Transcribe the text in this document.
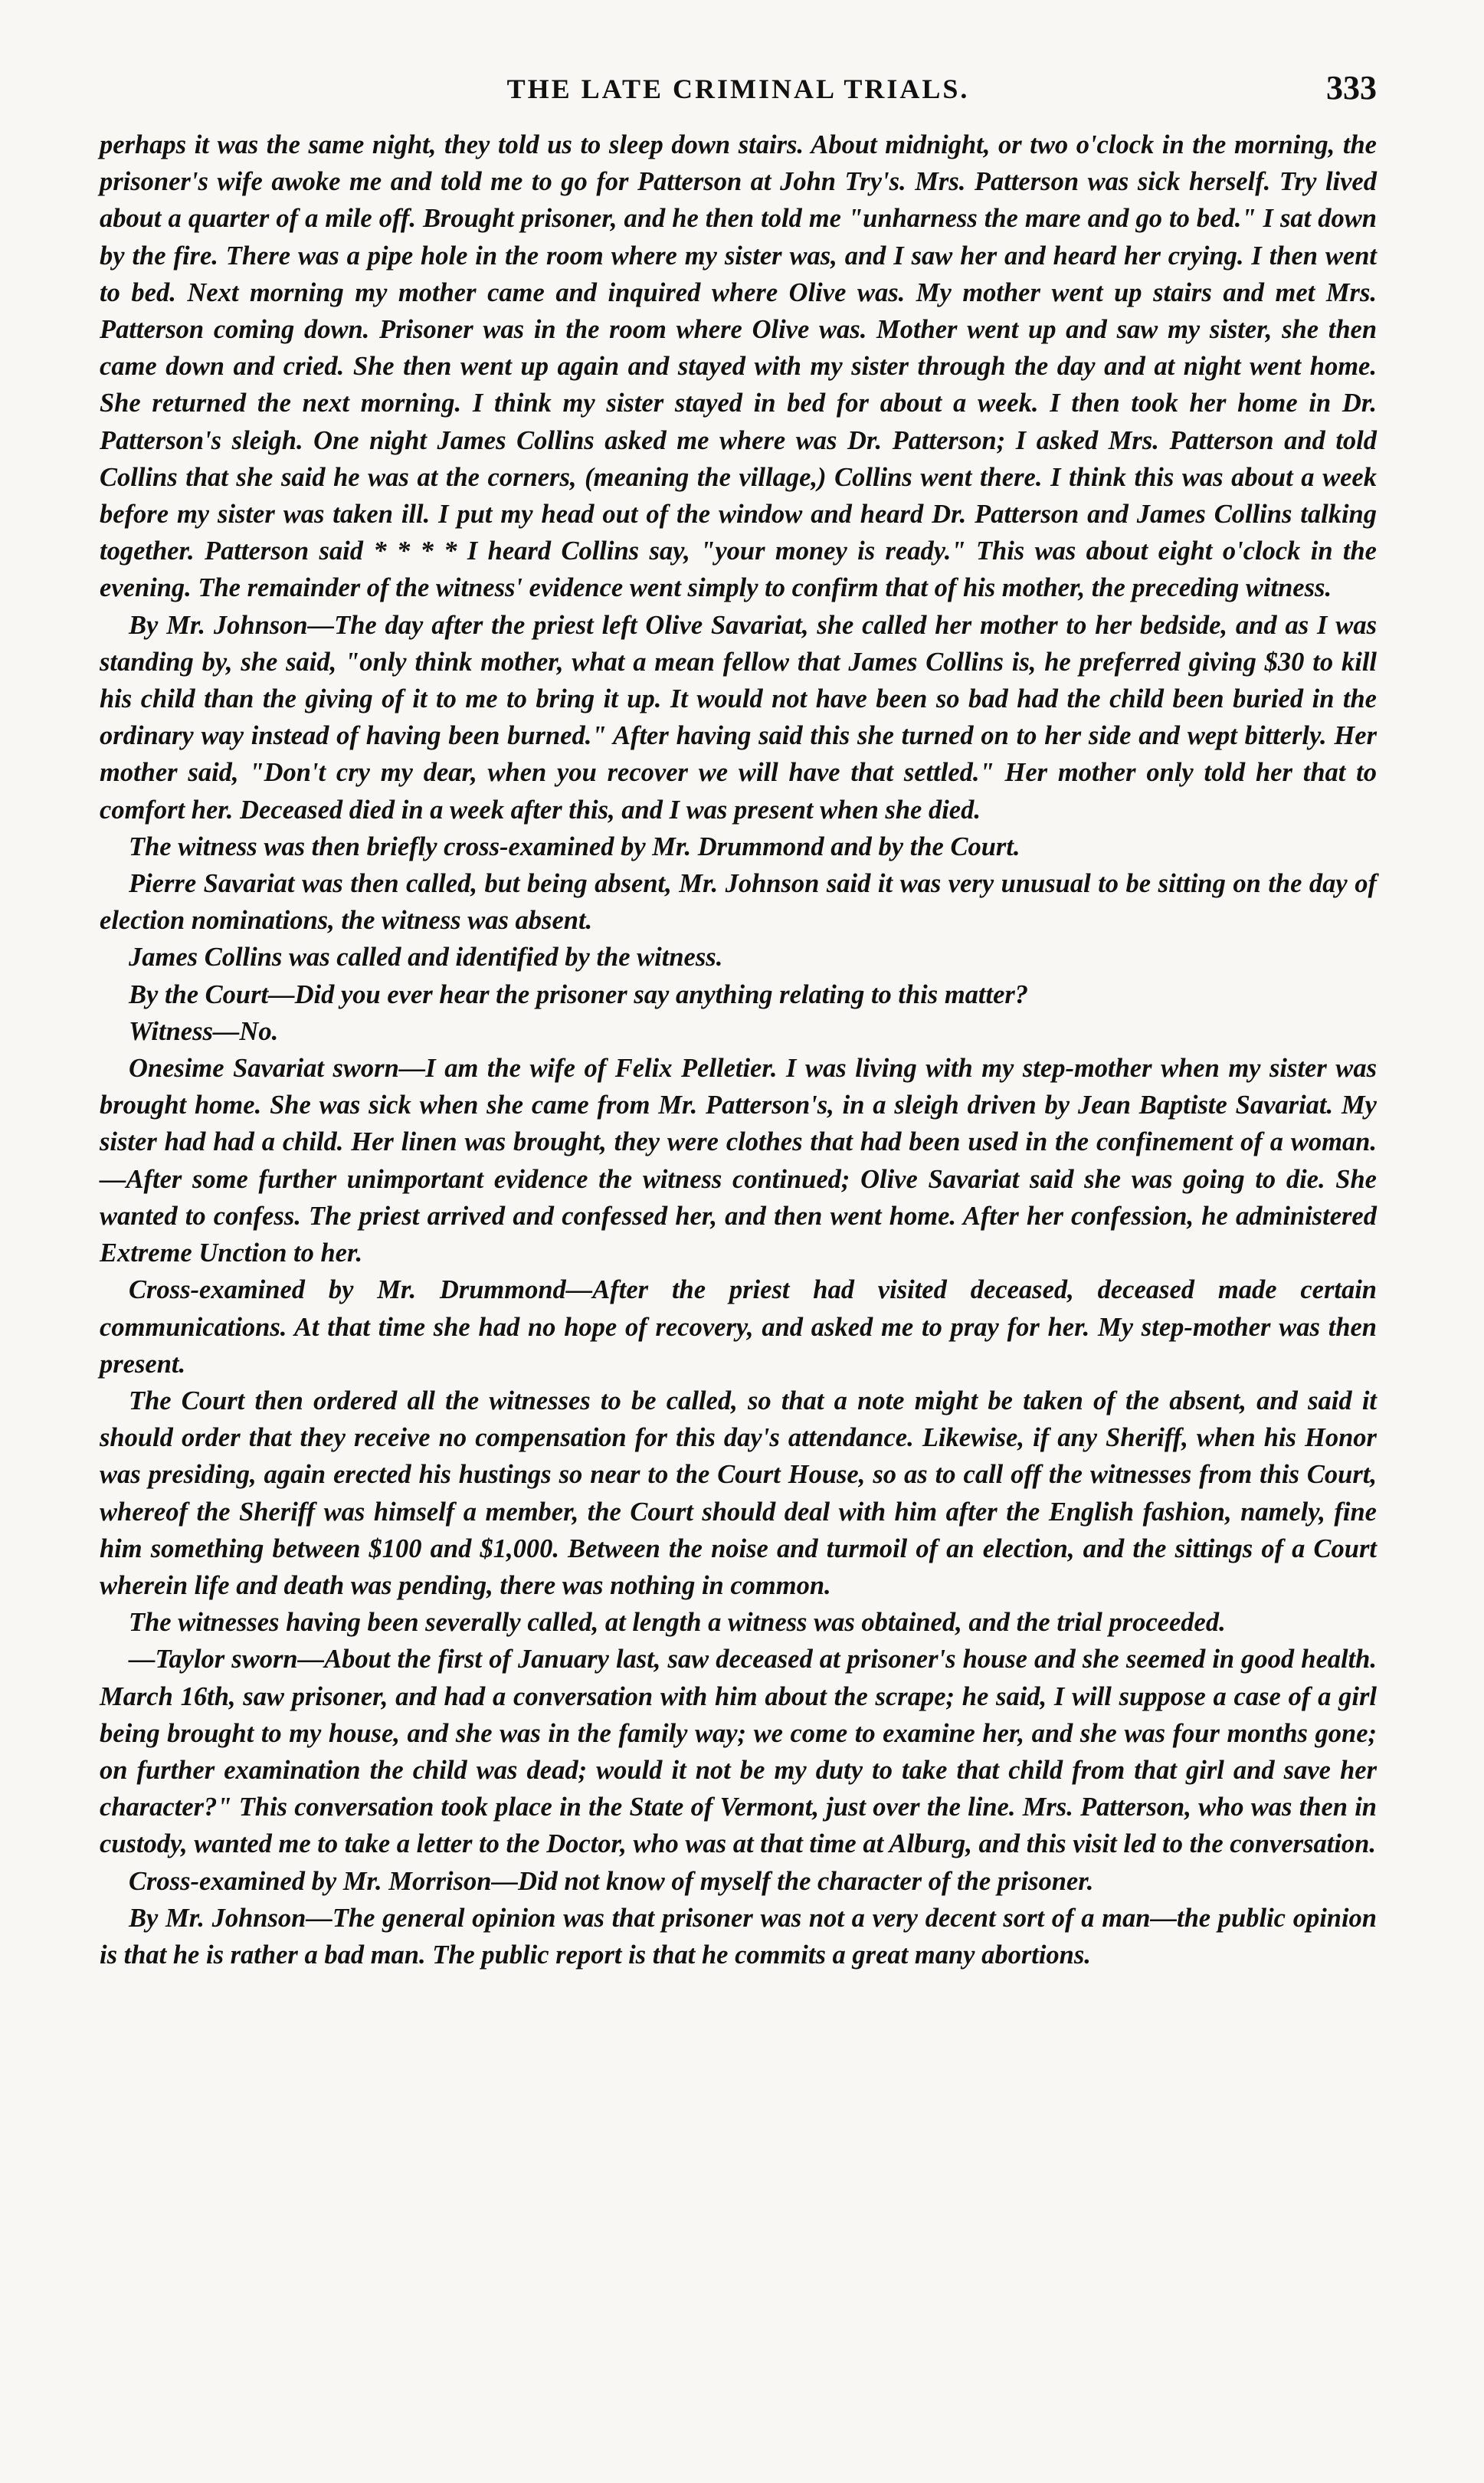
THE LATE CRIMINAL TRIALS.	333

perhaps it was the same night, they told us to sleep down stairs. About midnight, or two o'clock in the morning, the prisoner's wife awoke me and told me to go for Patterson at John Try's. Mrs. Patterson was sick herself. Try lived about a quarter of a mile off. Brought prisoner, and he then told me "unharness the mare and go to bed." I sat down by the fire. There was a pipe hole in the room where my sister was, and I saw her and heard her crying. I then went to bed. Next morning my mother came and inquired where Olive was. My mother went up stairs and met Mrs. Patterson coming down. Prisoner was in the room where Olive was. Mother went up and saw my sister, she then came down and cried. She then went up again and stayed with my sister through the day and at night went home. She returned the next morning. I think my sister stayed in bed for about a week. I then took her home in Dr. Patterson's sleigh. One night James Collins asked me where was Dr. Patterson; I asked Mrs. Patterson and told Collins that she said he was at the corners, (meaning the village,) Collins went there. I think this was about a week before my sister was taken ill. I put my head out of the window and heard Dr. Patterson and James Collins talking together. Patterson said * * * * I heard Collins say, "your money is ready." This was about eight o'clock in the evening. The remainder of the witness' evidence went simply to confirm that of his mother, the preceding witness.

By Mr. Johnson—The day after the priest left Olive Savariat, she called her mother to her bedside, and as I was standing by, she said, "only think mother, what a mean fellow that James Collins is, he preferred giving $30 to kill his child than the giving of it to me to bring it up. It would not have been so bad had the child been buried in the ordinary way instead of having been burned." After having said this she turned on to her side and wept bitterly. Her mother said, "Don't cry my dear, when you recover we will have that settled." Her mother only told her that to comfort her. Deceased died in a week after this, and I was present when she died.

The witness was then briefly cross-examined by Mr. Drummond and by the Court.

Pierre Savariat was then called, but being absent, Mr. Johnson said it was very unusual to be sitting on the day of election nominations, the witness was absent.

James Collins was called and identified by the witness.

By the Court—Did you ever hear the prisoner say anything relating to this matter?

Witness—No.

Onesime Savariat sworn—I am the wife of Felix Pelletier. I was living with my step-mother when my sister was brought home. She was sick when she came from Mr. Patterson's, in a sleigh driven by Jean Baptiste Savariat. My sister had had a child. Her linen was brought, they were clothes that had been used in the confinement of a woman.—After some further unimportant evidence the witness continued; Olive Savariat said she was going to die. She wanted to confess. The priest arrived and confessed her, and then went home. After her confession, he administered Extreme Unction to her.

Cross-examined by Mr. Drummond—After the priest had visited deceased, deceased made certain communications. At that time she had no hope of recovery, and asked me to pray for her. My step-mother was then present.

The Court then ordered all the witnesses to be called, so that a note might be taken of the absent, and said it should order that they receive no compensation for this day's attendance. Likewise, if any Sheriff, when his Honor was presiding, again erected his hustings so near to the Court House, so as to call off the witnesses from this Court, whereof the Sheriff was himself a member, the Court should deal with him after the English fashion, namely, fine him something between $100 and $1,000. Between the noise and turmoil of an election, and the sittings of a Court wherein life and death was pending, there was nothing in common.

The witnesses having been severally called, at length a witness was obtained, and the trial proceeded.

—Taylor sworn—About the first of January last, saw deceased at prisoner's house and she seemed in good health. March 16th, saw prisoner, and had a conversation with him about the scrape; he said, I will suppose a case of a girl being brought to my house, and she was in the family way; we come to examine her, and she was four months gone; on further examination the child was dead; would it not be my duty to take that child from that girl and save her character?" This conversation took place in the State of Vermont, just over the line. Mrs. Patterson, who was then in custody, wanted me to take a letter to the Doctor, who was at that time at Alburg, and this visit led to the conversation.

Cross-examined by Mr. Morrison—Did not know of myself the character of the prisoner.

By Mr. Johnson—The general opinion was that prisoner was not a very decent sort of a man—the public opinion is that he is rather a bad man. The public report is that he commits a great many abortions.
